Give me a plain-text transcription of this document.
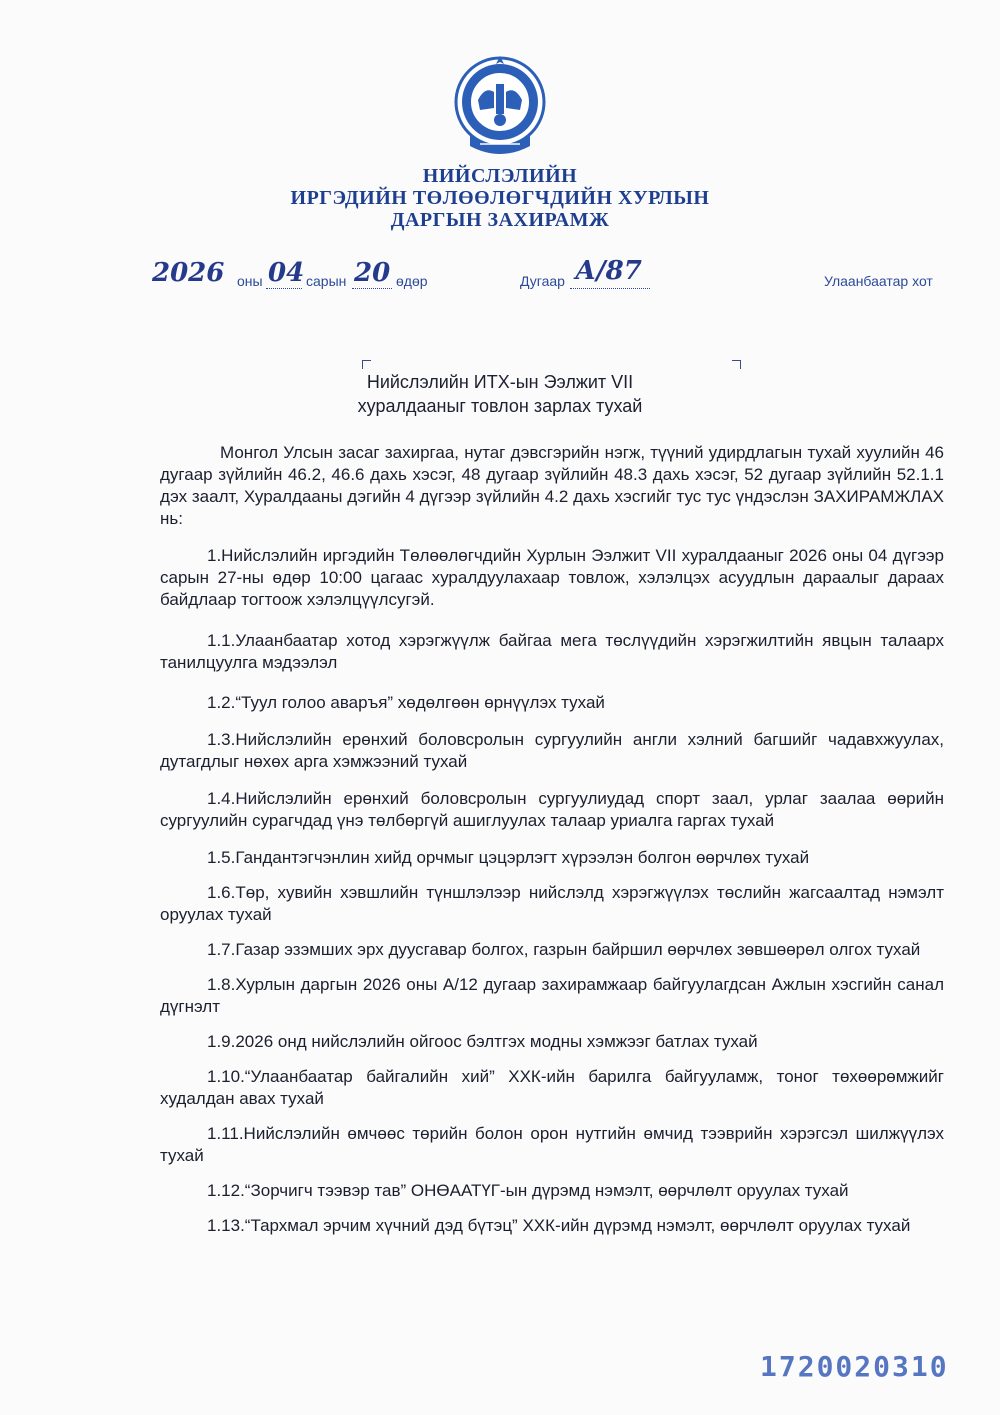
НИЙСЛЭЛИЙН
ИРГЭДИЙН ТӨЛӨӨЛӨГЧДИЙН ХУРЛЫН
ДАРГЫН ЗАХИРАМЖ
2026 оны 04 сарын 20 өдөр	Дугаар А/87	Улаанбаатар хот
Нийслэлийн ИТХ-ын Ээлжит VII
хуралдааныг товлон зарлах тухай
Монгол Улсын засаг захиргаа, нутаг дэвсгэрийн нэгж, түүний удирдлагын тухай хуулийн 46 дугаар зүйлийн 46.2, 46.6 дахь хэсэг, 48 дугаар зүйлийн 48.3 дахь хэсэг, 52 дугаар зүйлийн 52.1.1 дэх заалт, Хуралдааны дэгийн 4 дүгээр зүйлийн 4.2 дахь хэсгийг тус тус үндэслэн ЗАХИРАМЖЛАХ нь:
1.Нийслэлийн иргэдийн Төлөөлөгчдийн Хурлын Ээлжит VII хуралдааныг 2026 оны 04 дүгээр сарын 27-ны өдөр 10:00 цагаас хуралдуулахаар товлож, хэлэлцэх асуудлын дараалыг дараах байдлаар тогтоож хэлэлцүүлсугэй.

1.1.Улаанбаатар хотод хэрэгжүүлж байгаа мега төслүүдийн хэрэгжилтийн явцын талаарх танилцуулга мэдээлэл

1.2.“Туул голоо аваръя” хөдөлгөөн өрнүүлэх тухай

1.3.Нийслэлийн ерөнхий боловсролын сургуулийн англи хэлний багшийг чадавхжуулах, дутагдлыг нөхөх арга хэмжээний тухай

1.4.Нийслэлийн ерөнхий боловсролын сургуулиудад спорт заал, урлаг заалаа өөрийн сургуулийн сурагчдад үнэ төлбөргүй ашиглуулах талаар уриалга гаргах тухай

1.5.Гандантэгчэнлин хийд орчмыг цэцэрлэгт хүрээлэн болгон өөрчлөх тухай

1.6.Төр, хувийн хэвшлийн түншлэлээр нийслэлд хэрэгжүүлэх төслийн жагсаалтад нэмэлт оруулах тухай

1.7.Газар эзэмших эрх дуусгавар болгох, газрын байршил өөрчлөх зөвшөөрөл олгох тухай

1.8.Хурлын даргын 2026 оны А/12 дугаар захирамжаар байгуулагдсан Ажлын хэсгийн санал дүгнэлт

1.9.2026 онд нийслэлийн ойгоос бэлтгэх модны хэмжээг батлах тухай

1.10.“Улаанбаатар байгалийн хий” ХХК-ийн барилга байгууламж, тоног төхөөрөмжийг худалдан авах тухай

1.11.Нийслэлийн өмчөөс төрийн болон орон нутгийн өмчид тээврийн хэрэгсэл шилжүүлэх тухай

1.12.“Зорчигч тээвэр тав” ОНӨААТҮГ-ын дүрэмд нэмэлт, өөрчлөлт оруулах тухай

1.13.“Тархмал эрчим хүчний дэд бүтэц” ХХК-ийн дүрэмд нэмэлт, өөрчлөлт оруулах тухай

1720020310
